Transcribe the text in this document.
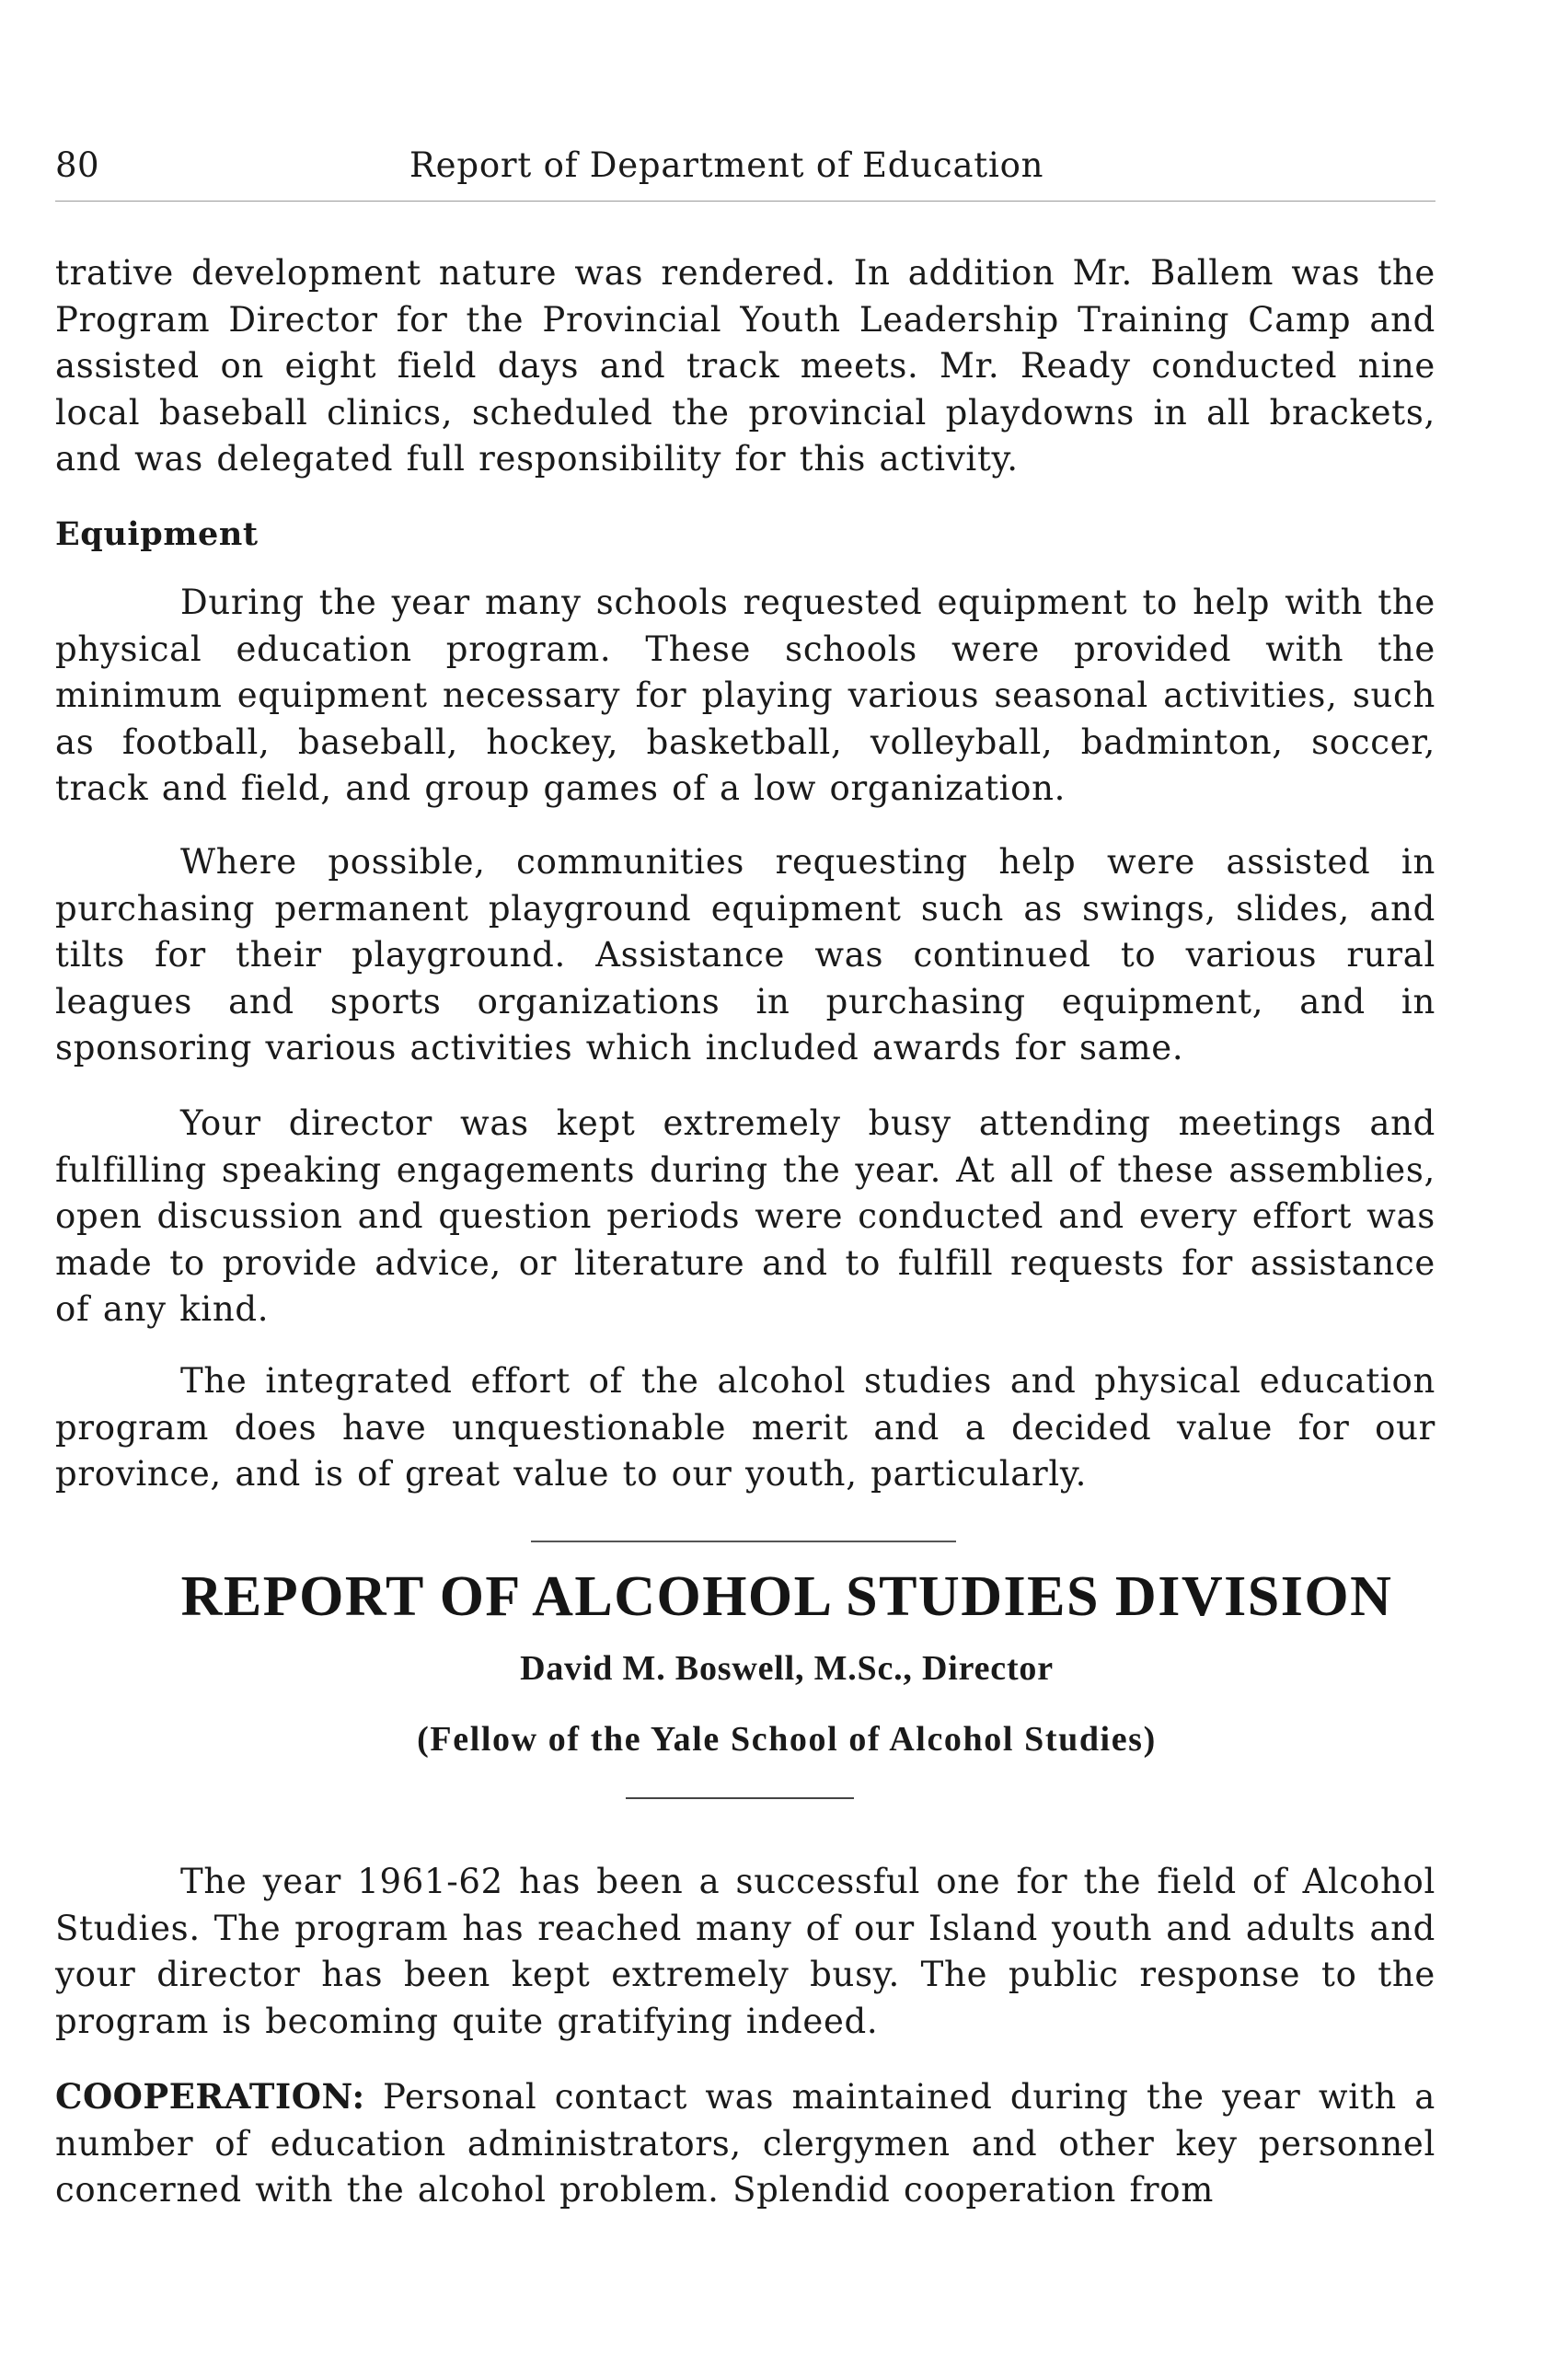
80	Report of Department of Education

trative development nature was rendered. In addition Mr. Ballem was the Program Director for the Provincial Youth Leadership Training Camp and assisted on eight field days and track meets. Mr. Ready conducted nine local baseball clinics, scheduled the provincial playdowns in all brackets, and was delegated full responsibility for this activity.

Equipment

During the year many schools requested equipment to help with the physical education program. These schools were provided with the minimum equipment necessary for playing various seasonal activities, such as football, baseball, hockey, basketball, volleyball, badminton, soccer, track and field, and group games of a low organization.

Where possible, communities requesting help were assisted in purchasing permanent playground equipment such as swings, slides, and tilts for their playground. Assistance was continued to various rural leagues and sports organizations in purchasing equipment, and in sponsoring various activities which included awards for same.

Your director was kept extremely busy attending meetings and fulfilling speaking engagements during the year. At all of these assemblies, open discussion and question periods were conducted and every effort was made to provide advice, or literature and to fulfill requests for assistance of any kind.

The integrated effort of the alcohol studies and physical education program does have unquestionable merit and a decided value for our province, and is of great value to our youth, particularly.

REPORT OF ALCOHOL STUDIES DIVISION
David M. Boswell, M.Sc., Director
(Fellow of the Yale School of Alcohol Studies)

The year 1961-62 has been a successful one for the field of Alcohol Studies. The program has reached many of our Island youth and adults and your director has been kept extremely busy. The public response to the program is becoming quite gratifying indeed.

COOPERATION: Personal contact was maintained during the year with a number of education administrators, clergymen and other key personnel concerned with the alcohol problem. Splendid cooperation from
